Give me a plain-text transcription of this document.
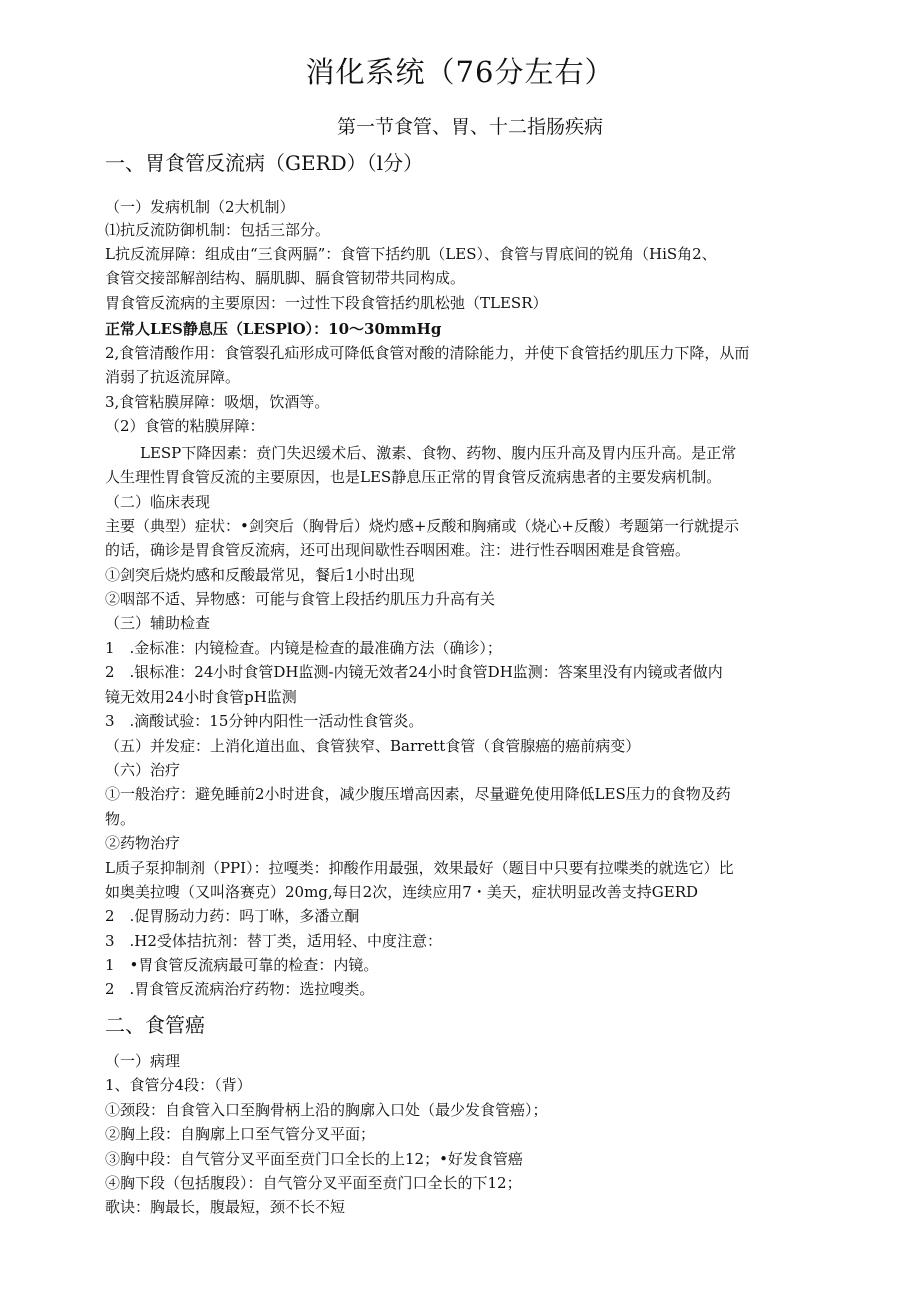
消化系统（76分左右）
第一节食管、胃、十二指肠疾病
一、胃食管反流病（GERD）（l分）
（一）发病机制（2大机制）
⑴抗反流防御机制：包括三部分。
L抗反流屏障：组成由“三食两膈”：食管下括约肌（LES）、食管与胃底间的锐角（HiS角2、
食管交接部解剖结构、膈肌脚、膈食管韧带共同构成。
胃食管反流病的主要原因：一过性下段食管括约肌松弛（TLESR）
正常人LES静息压（LESPlO）：10～30mmHg
2,食管清酸作用：食管裂孔疝形成可降低食管对酸的清除能力，并使下食管括约肌压力下降，从而
消弱了抗返流屏障。
3,食管粘膜屏障：吸烟，饮酒等。
（2）食管的粘膜屏障：
LESP下降因素：贲门失迟缓术后、激素、食物、药物、腹内压升高及胃内压升高。是正常
人生理性胃食管反流的主要原因，也是LES静息压正常的胃食管反流病患者的主要发病机制。
（二）临床表现
主要（典型）症状：•剑突后（胸骨后）烧灼感+反酸和胸痛或（烧心+反酸）考题第一行就提示
的话，确诊是胃食管反流病，还可出现间歇性吞咽困难。注：进行性吞咽困难是食管癌。
①剑突后烧灼感和反酸最常见，餐后1小时出现
②咽部不适、异物感：可能与食管上段括约肌压力升高有关
（三）辅助检查
1　.金标准：内镜检查。内镜是检查的最准确方法（确诊）；
2　.银标准：24小时食管DH监测-内镜无效者24小时食管DH监测：答案里没有内镜或者做内
镜无效用24小时食管pH监测
3　.滴酸试验：15分钟内阳性一活动性食管炎。
（五）并发症：上消化道出血、食管狭窄、Barrett食管（食管腺癌的癌前病变）
（六）治疗
①一般治疗：避免睡前2小时进食，减少腹压增高因素，尽量避免使用降低LES压力的食物及药
物。
②药物治疗
L质子泵抑制剂（PPI）：拉嘎类：抑酸作用最强，效果最好（题目中只要有拉喋类的就选它）比
如奥美拉嗖（又叫洛赛克）20mg,每日2次，连续应用7・美天，症状明显改善支持GERD
2　.促胃肠动力药：吗丁咻，多潘立酮
3　.H2受体拮抗剂：替丁类，适用轻、中度注意：
1　•胃食管反流病最可靠的检查：内镜。
2　.胃食管反流病治疗药物：选拉嗖类。
二、食管癌
（一）病理
1、食管分4段：（背）
①颈段：自食管入口至胸骨柄上沿的胸廓入口处（最少发食管癌）；
②胸上段：自胸廓上口至气管分叉平面；
③胸中段：自气管分叉平面至贲门口全长的上12；•好发食管癌
④胸下段（包括腹段）：自气管分叉平面至贲门口全长的下12；
歌诀：胸最长，腹最短，颈不长不短
